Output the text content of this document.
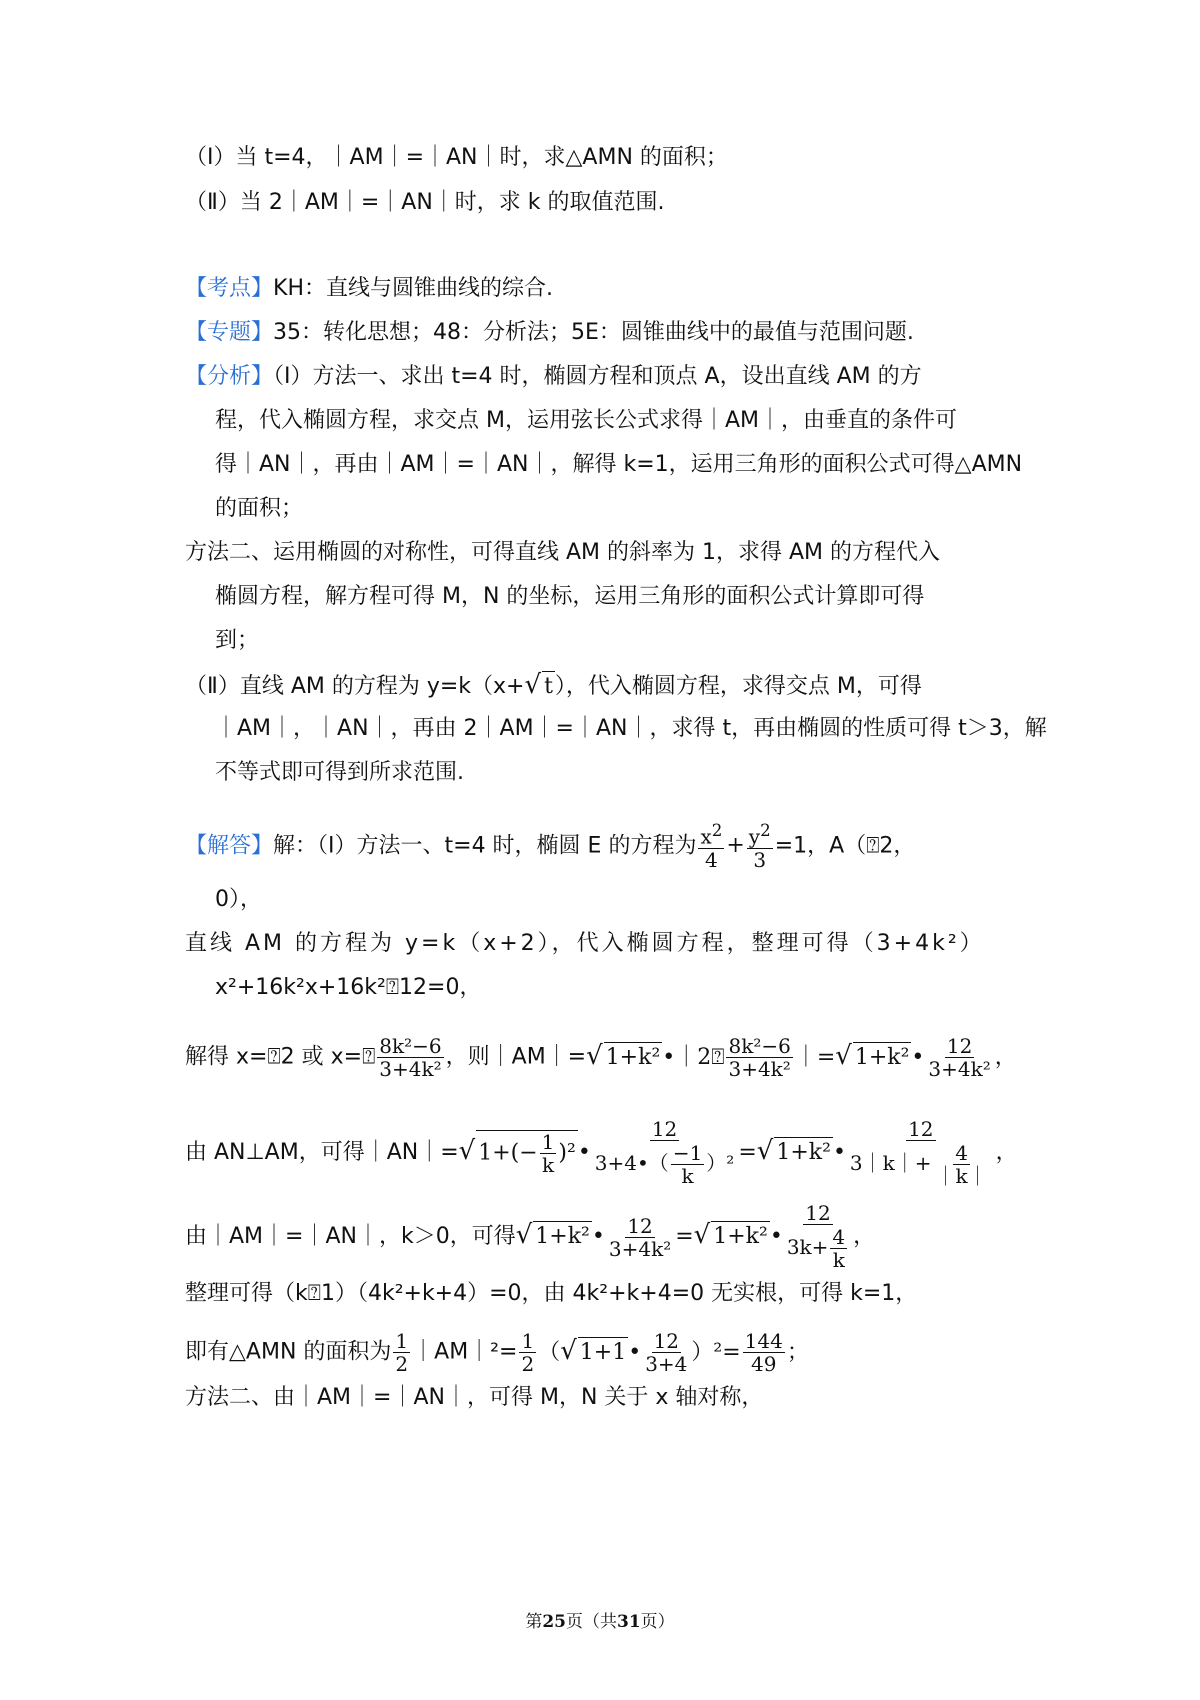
（Ⅰ）当 t=4，｜AM｜=｜AN｜时，求△AMN 的面积；
（Ⅱ）当 2｜AM｜=｜AN｜时，求 k 的取值范围.
【考点】KH：直线与圆锥曲线的综合.
【专题】35：转化思想；48：分析法；5E：圆锥曲线中的最值与范围问题.
【分析】（Ⅰ）方法一、求出 t=4 时，椭圆方程和顶点 A，设出直线 AM 的方
程，代入椭圆方程，求交点 M，运用弦长公式求得｜AM｜，由垂直的条件可
得｜AN｜，再由｜AM｜=｜AN｜，解得 k=1，运用三角形的面积公式可得△AMN
的面积；
方法二、运用椭圆的对称性，可得直线 AM 的斜率为 1，求得 AM 的方程代入
椭圆方程，解方程可得 M，N 的坐标，运用三角形的面积公式计算即可得
到；
（Ⅱ）直线 AM 的方程为 y=k（x+√ t），代入椭圆方程，求得交点 M，可得
｜AM｜，｜AN｜，再由 2｜AM｜=｜AN｜，求得 t，再由椭圆的性质可得 t＞3，解
不等式即可得到所求范围.
【解答】解：（Ⅰ）方法一、t=4 时，椭圆 E 的方程为 $\frac{x^2}{4} + \frac{y^2}{3} =1$，A（⍰2，
0），
直线 AM 的方程为 y=k（x+2），代入椭圆方程，整理可得（3+4k²）
x²+16k²x+16k²⍰12=0，
解得 x=⍰2 或 x=⍰ $\frac{\text{8k²−6}}{\text{3+4k²}}$ ，则｜AM｜=√ 1+k²•｜2⍰ $\frac{\text{8k²−6}}{\text{3+4k²}}$ ｜=√ 1+k²• $\frac{12}{\text{3+4k²}}$ ，
由 AN⊥AM，可得｜AN｜=√ $1+(- \frac{1}{k}$ )²• $\frac{12}{3+4•( \frac{-1}{k} )^2}$ =√ 1+k²• $\frac{12}{3|k|+ \frac{4}{|k|}}$ ，
由｜AM｜=｜AN｜，k＞0，可得√ 1+k²• $\frac{12}{\text{3+4k²}}$ =√ 1+k²• $\frac{12}{3k+ \frac{4}{k}}$ ，
整理可得（k⍰1）（4k²+k+4）=0，由 4k²+k+4=0 无实根，可得 k=1，
即有△AMN 的面积为 $\frac{1}{2}$ ｜AM｜²= $\frac{1}{2}$ （√ 1+1• $\frac{12}{3+4} )^2= \frac{144}{49}$ ；
方法二、由｜AM｜=｜AN｜，可得 M，N 关于 x 轴对称，
第25页（共31页）
